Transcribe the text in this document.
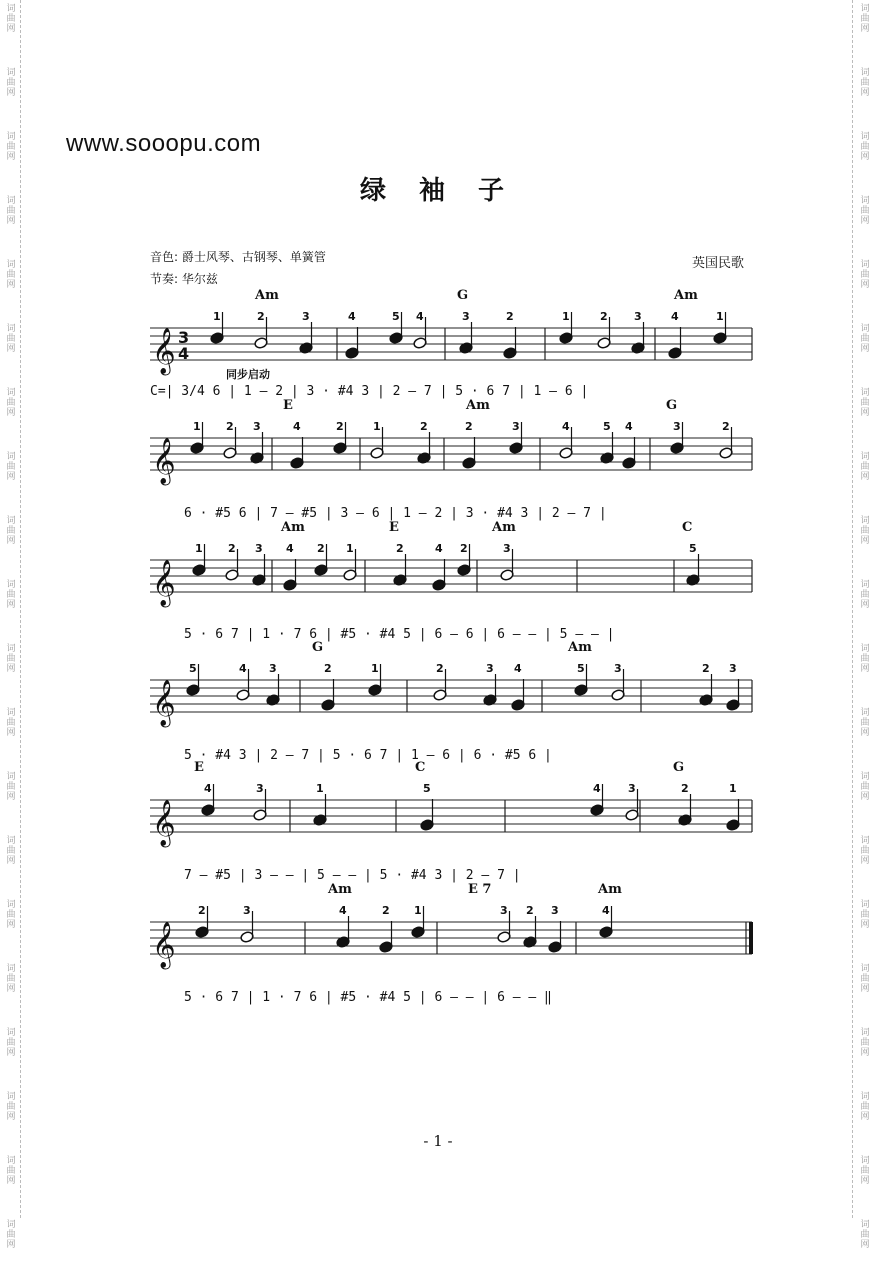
词
曲
网
词
曲
网
词
曲
网
词
曲
网
词
曲
网
词
曲
网
词
曲
网
词
曲
网
词
曲
网
词
曲
网
词
曲
网
词
曲
网
词
曲
网
词
曲
网
词
曲
网
词
曲
网
词
曲
网
词
曲
网
词
曲
网
词
曲
网
词
曲
网
词
曲
网
词
曲
网
词
曲
网
词
曲
网
词
曲
网
词
曲
网
词
曲
网
词
曲
网
词
曲
网
词
曲
网
词
曲
网
词
曲
网
词
曲
网
词
曲
网
词
曲
网
词
曲
网
词
曲
网
词
曲
网
词
曲
网
www.sooopu.com
绿 袖 子
音色: 爵士风琴、古钢琴、单簧管
节奏: 华尔兹
英国民歌
同步启动
𝄞 3
4
𝄞
𝄞
𝄞
𝄞
𝄞
Am	G	Am
E	Am	G
Am	E	Am	C
G	Am
E	C	G
Am	E 7	Am
1	2	3	4	5 4	3	2	1	2 3	4	1
1 2 3	4	2	1	2	2	3	4	5 4	3	2
1 2 3 4 2 1	2	4 2	3	5
5	4 3	2	1	2	3 4	5	3	2 3
4	3	1	5	4 3	2	1
2	3	4	2 1	3 2 3	4
C=| 3/4 6 | 1 — 2 | 3 · #4 3 | 2 — 7 | 5 · 6 7 | 1 — 6 |
6 · #5 6 | 7 — #5 | 3 — 6 | 1 — 2 | 3 · #4 3 | 2 — 7 |
5 · 6 7 | 1 · 7 6 | #5 · #4 5 | 6 — 6 | 6 — — | 5 — — |
5 · #4 3 | 2 — 7 | 5 · 6 7 | 1 — 6 | 6 · #5 6 |
7 — #5 | 3 — — | 5 — — | 5 · #4 3 | 2 — 7 |
5 · 6 7 | 1 · 7 6 | #5 · #4 5 | 6 — — | 6 — — ‖
- 1 -
